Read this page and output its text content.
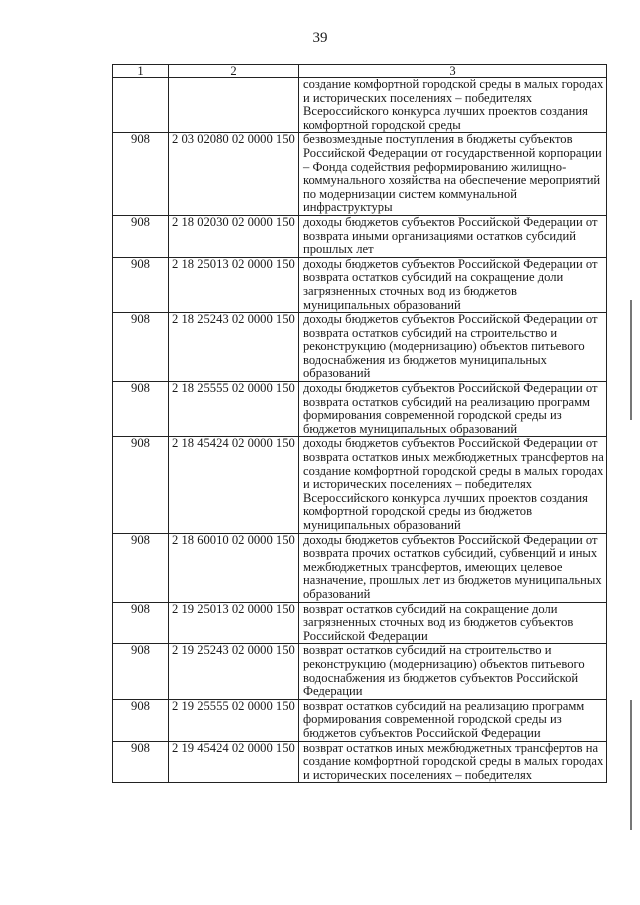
39
1	2	3
		создание комфортной городской среды в малых городах и исторических поселениях – победителях Всероссийского конкурса лучших проектов создания комфортной городской среды
908	2 03 02080 02 0000 150	безвозмездные поступления в бюджеты субъектов Российской Федерации от государственной корпорации – Фонда содействия реформированию жилищно-коммунального хозяйства на обеспечение мероприятий по модернизации систем коммунальной инфраструктуры
908	2 18 02030 02 0000 150	доходы бюджетов субъектов Российской Федерации от возврата иными организациями остатков субсидий прошлых лет
908	2 18 25013 02 0000 150	доходы бюджетов субъектов Российской Федерации от возврата остатков субсидий на сокращение доли загрязненных сточных вод из бюджетов муниципальных образований
908	2 18 25243 02 0000 150	доходы бюджетов субъектов Российской Федерации от возврата остатков субсидий на строительство и реконструкцию (модернизацию) объектов питьевого водоснабжения из бюджетов муниципальных образований
908	2 18 25555 02 0000 150	доходы бюджетов субъектов Российской Федерации от возврата остатков субсидий на реализацию программ формирования современной городской среды из бюджетов муниципальных образований
908	2 18 45424 02 0000 150	доходы бюджетов субъектов Российской Федерации от возврата остатков иных межбюджетных трансфертов на создание комфортной городской среды в малых городах и исторических поселениях – победителях Всероссийского конкурса лучших проектов создания комфортной городской среды из бюджетов муниципальных образований
908	2 18 60010 02 0000 150	доходы бюджетов субъектов Российской Федерации от возврата прочих остатков субсидий, субвенций и иных межбюджетных трансфертов, имеющих целевое назначение, прошлых лет из бюджетов муниципальных образований
908	2 19 25013 02 0000 150	возврат остатков субсидий на сокращение доли загрязненных сточных вод из бюджетов субъектов Российской Федерации
908	2 19 25243 02 0000 150	возврат остатков субсидий на строительство и реконструкцию (модернизацию) объектов питьевого водоснабжения из бюджетов субъектов Российской Федерации
908	2 19 25555 02 0000 150	возврат остатков субсидий на реализацию программ формирования современной городской среды из бюджетов субъектов Российской Федерации
908	2 19 45424 02 0000 150	возврат остатков иных межбюджетных трансфертов на создание комфортной городской среды в малых городах и исторических поселениях – победителях
